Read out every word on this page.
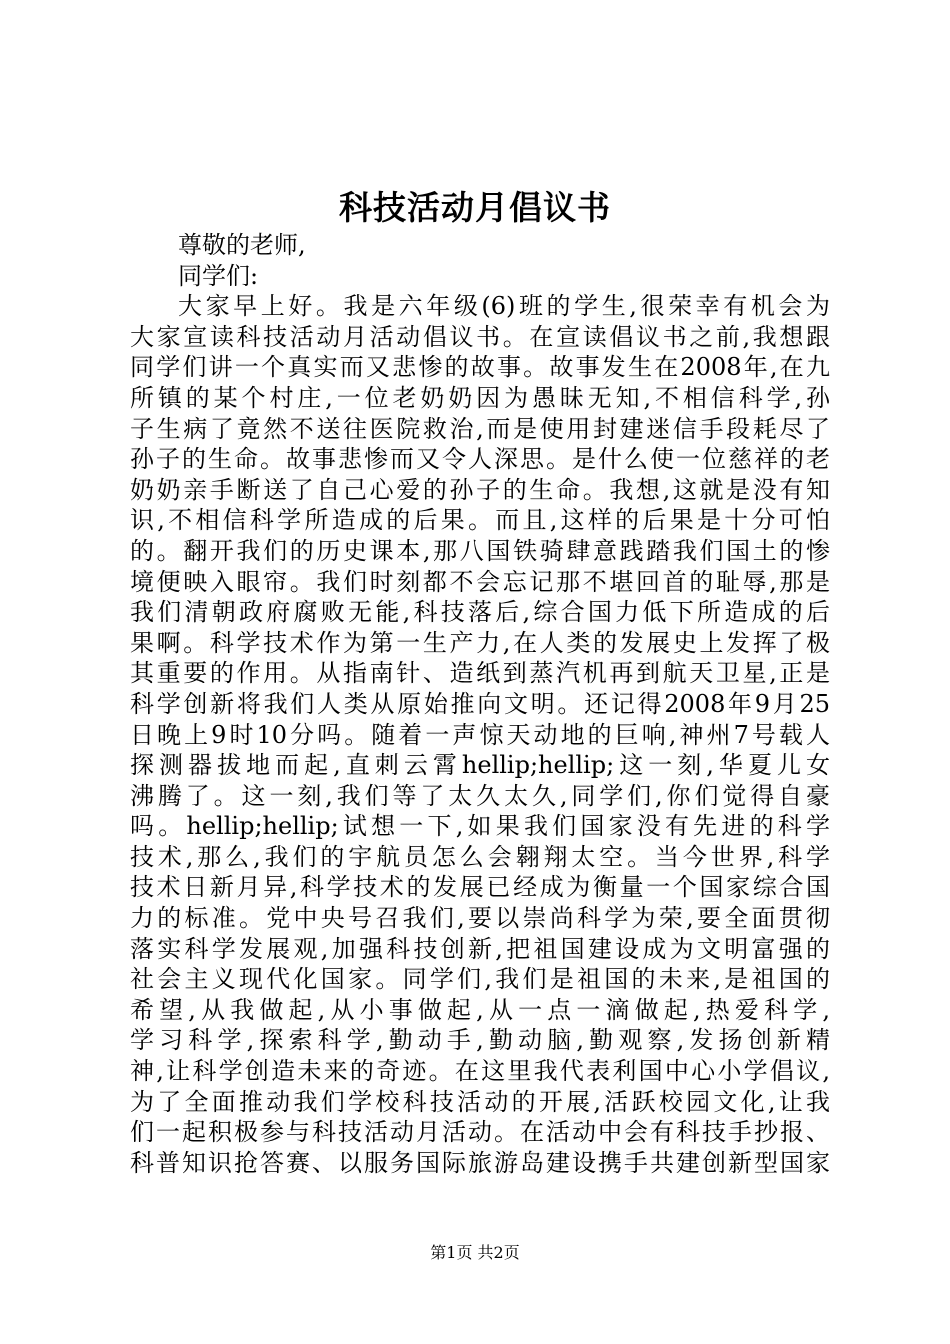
科技活动月倡议书
尊敬的老师,
同学们:
大家早上好。我是六年级(6)班的学生,很荣幸有机会为
大家宣读科技活动月活动倡议书。在宣读倡议书之前,我想跟
同学们讲一个真实而又悲惨的故事。故事发生在2008年,在九
所镇的某个村庄,一位老奶奶因为愚昧无知,不相信科学,孙
子生病了竟然不送往医院救治,而是使用封建迷信手段耗尽了
孙子的生命。故事悲惨而又令人深思。是什么使一位慈祥的老
奶奶亲手断送了自己心爱的孙子的生命。我想,这就是没有知
识,不相信科学所造成的后果。而且,这样的后果是十分可怕
的。翻开我们的历史课本,那八国铁骑肆意践踏我们国土的惨
境便映入眼帘。我们时刻都不会忘记那不堪回首的耻辱,那是
我们清朝政府腐败无能,科技落后,综合国力低下所造成的后
果啊。科学技术作为第一生产力,在人类的发展史上发挥了极
其重要的作用。从指南针、造纸到蒸汽机再到航天卫星,正是
科学创新将我们人类从原始推向文明。还记得2008年9月25
日晚上9时10分吗。随着一声惊天动地的巨响,神州7号载人
探测器拔地而起,直刺云霄hellip;hellip;这一刻,华夏儿女
沸腾了。这一刻,我们等了太久太久,同学们,你们觉得自豪
吗。hellip;hellip;试想一下,如果我们国家没有先进的科学
技术,那么,我们的宇航员怎么会翱翔太空。当今世界,科学
技术日新月异,科学技术的发展已经成为衡量一个国家综合国
力的标准。党中央号召我们,要以崇尚科学为荣,要全面贯彻
落实科学发展观,加强科技创新,把祖国建设成为文明富强的
社会主义现代化国家。同学们,我们是祖国的未来,是祖国的
希望,从我做起,从小事做起,从一点一滴做起,热爱科学,
学习科学,探索科学,勤动手,勤动脑,勤观察,发扬创新精
神,让科学创造未来的奇迹。在这里我代表利国中心小学倡议,
为了全面推动我们学校科技活动的开展,活跃校园文化,让我
们一起积极参与科技活动月活动。在活动中会有科技手抄报、
科普知识抢答赛、以服务国际旅游岛建设携手共建创新型国家
第1页 共2页
